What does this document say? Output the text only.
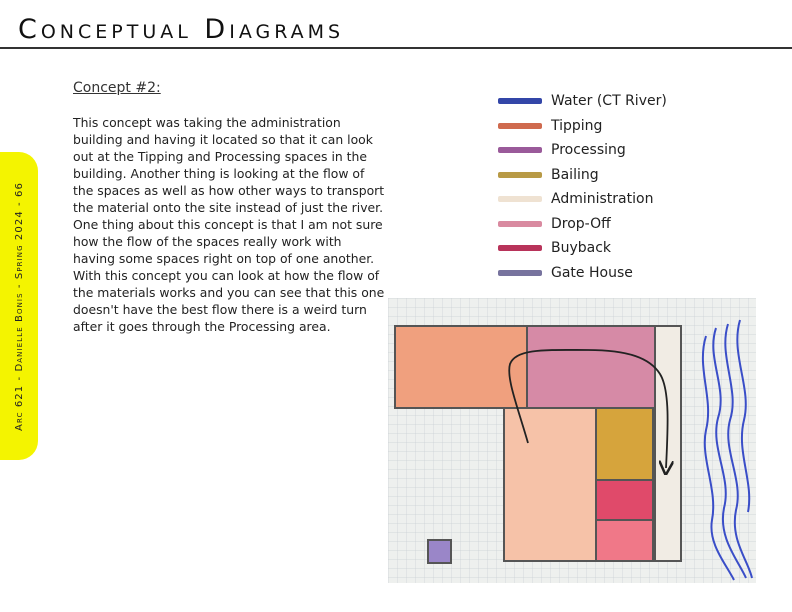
Conceptual Diagrams
Arc 621 - Danielle Bonis - Spring 2024 - 66
Concept #2:
This concept was taking the administration building and having it located so that it can look out at the Tipping and Processing spaces in the building. Another thing is looking at the flow of the spaces as well as how other ways to transport the material onto the site instead of just the river. One thing about this concept is that I am not sure how the flow of the spaces really work with having some spaces right on top of one another. With this concept you can look at how the flow of the materials works and you can see that this one doesn't have the best flow there is a weird turn after it goes through the Processing area.
Water (CT River)
Tipping
Processing
Bailing
Administration
Drop-Off
Buyback
Gate House
